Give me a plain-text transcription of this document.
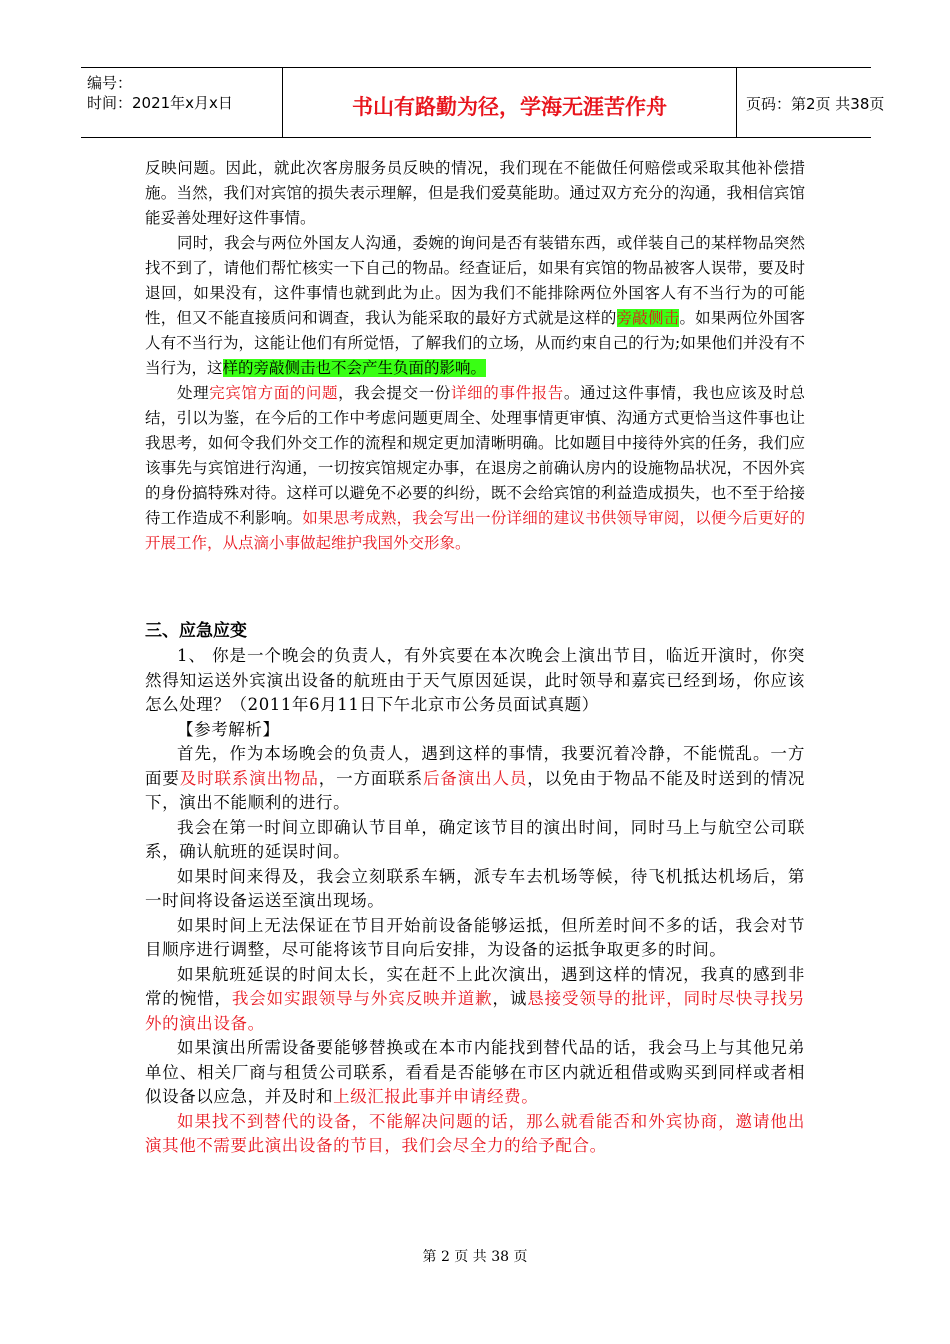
编号：
时间：2021年x月x日	书山有路勤为径，学海无涯苦作舟	页码：第2页 共38页

反映问题。因此，就此次客房服务员反映的情况，我们现在不能做任何赔偿或采取其他补偿措施。当然，我们对宾馆的损失表示理解，但是我们爱莫能助。通过双方充分的沟通，我相信宾馆能妥善处理好这件事情。

同时，我会与两位外国友人沟通，委婉的询问是否有装错东西，或佯装自己的某样物品突然找不到了，请他们帮忙核实一下自己的物品。经查证后，如果有宾馆的物品被客人误带，要及时退回，如果没有，这件事情也就到此为止。因为我们不能排除两位外国客人有不当行为的可能性，但又不能直接质问和调查，我认为能采取的最好方式就是这样的旁敲侧击。如果两位外国客人有不当行为，这能让他们有所觉悟，了解我们的立场，从而约束自己的行为;如果他们并没有不当行为，这样的旁敲侧击也不会产生负面的影响。

处理完宾馆方面的问题，我会提交一份详细的事件报告。通过这件事情，我也应该及时总结，引以为鉴，在今后的工作中考虑问题更周全、处理事情更审慎、沟通方式更恰当这件事也让我思考，如何令我们外交工作的流程和规定更加清晰明确。比如题目中接待外宾的任务，我们应该事先与宾馆进行沟通，一切按宾馆规定办事，在退房之前确认房内的设施物品状况，不因外宾的身份搞特殊对待。这样可以避免不必要的纠纷，既不会给宾馆的利益造成损失，也不至于给接待工作造成不利影响。如果思考成熟，我会写出一份详细的建议书供领导审阅，以便今后更好的开展工作，从点滴小事做起维护我国外交形象。

三、应急应变

1、 你是一个晚会的负责人，有外宾要在本次晚会上演出节目，临近开演时，你突然得知运送外宾演出设备的航班由于天气原因延误，此时领导和嘉宾已经到场，你应该怎么处理？（2011年6月11日下午北京市公务员面试真题）

【参考解析】

首先，作为本场晚会的负责人，遇到这样的事情，我要沉着冷静，不能慌乱。一方面要及时联系演出物品，一方面联系后备演出人员，以免由于物品不能及时送到的情况下，演出不能顺利的进行。

我会在第一时间立即确认节目单，确定该节目的演出时间，同时马上与航空公司联系，确认航班的延误时间。

如果时间来得及，我会立刻联系车辆，派专车去机场等候，待飞机抵达机场后，第一时间将设备运送至演出现场。

如果时间上无法保证在节目开始前设备能够运抵，但所差时间不多的话，我会对节目顺序进行调整，尽可能将该节目向后安排，为设备的运抵争取更多的时间。

如果航班延误的时间太长，实在赶不上此次演出，遇到这样的情况，我真的感到非常的惋惜，我会如实跟领导与外宾反映并道歉，诚恳接受领导的批评，同时尽快寻找另外的演出设备。

如果演出所需设备要能够替换或在本市内能找到替代品的话，我会马上与其他兄弟单位、相关厂商与租赁公司联系，看看是否能够在市区内就近租借或购买到同样或者相似设备以应急，并及时和上级汇报此事并申请经费。

如果找不到替代的设备，不能解决问题的话，那么就看能否和外宾协商，邀请他出演其他不需要此演出设备的节目，我们会尽全力的给予配合。

第 2 页 共 38 页
